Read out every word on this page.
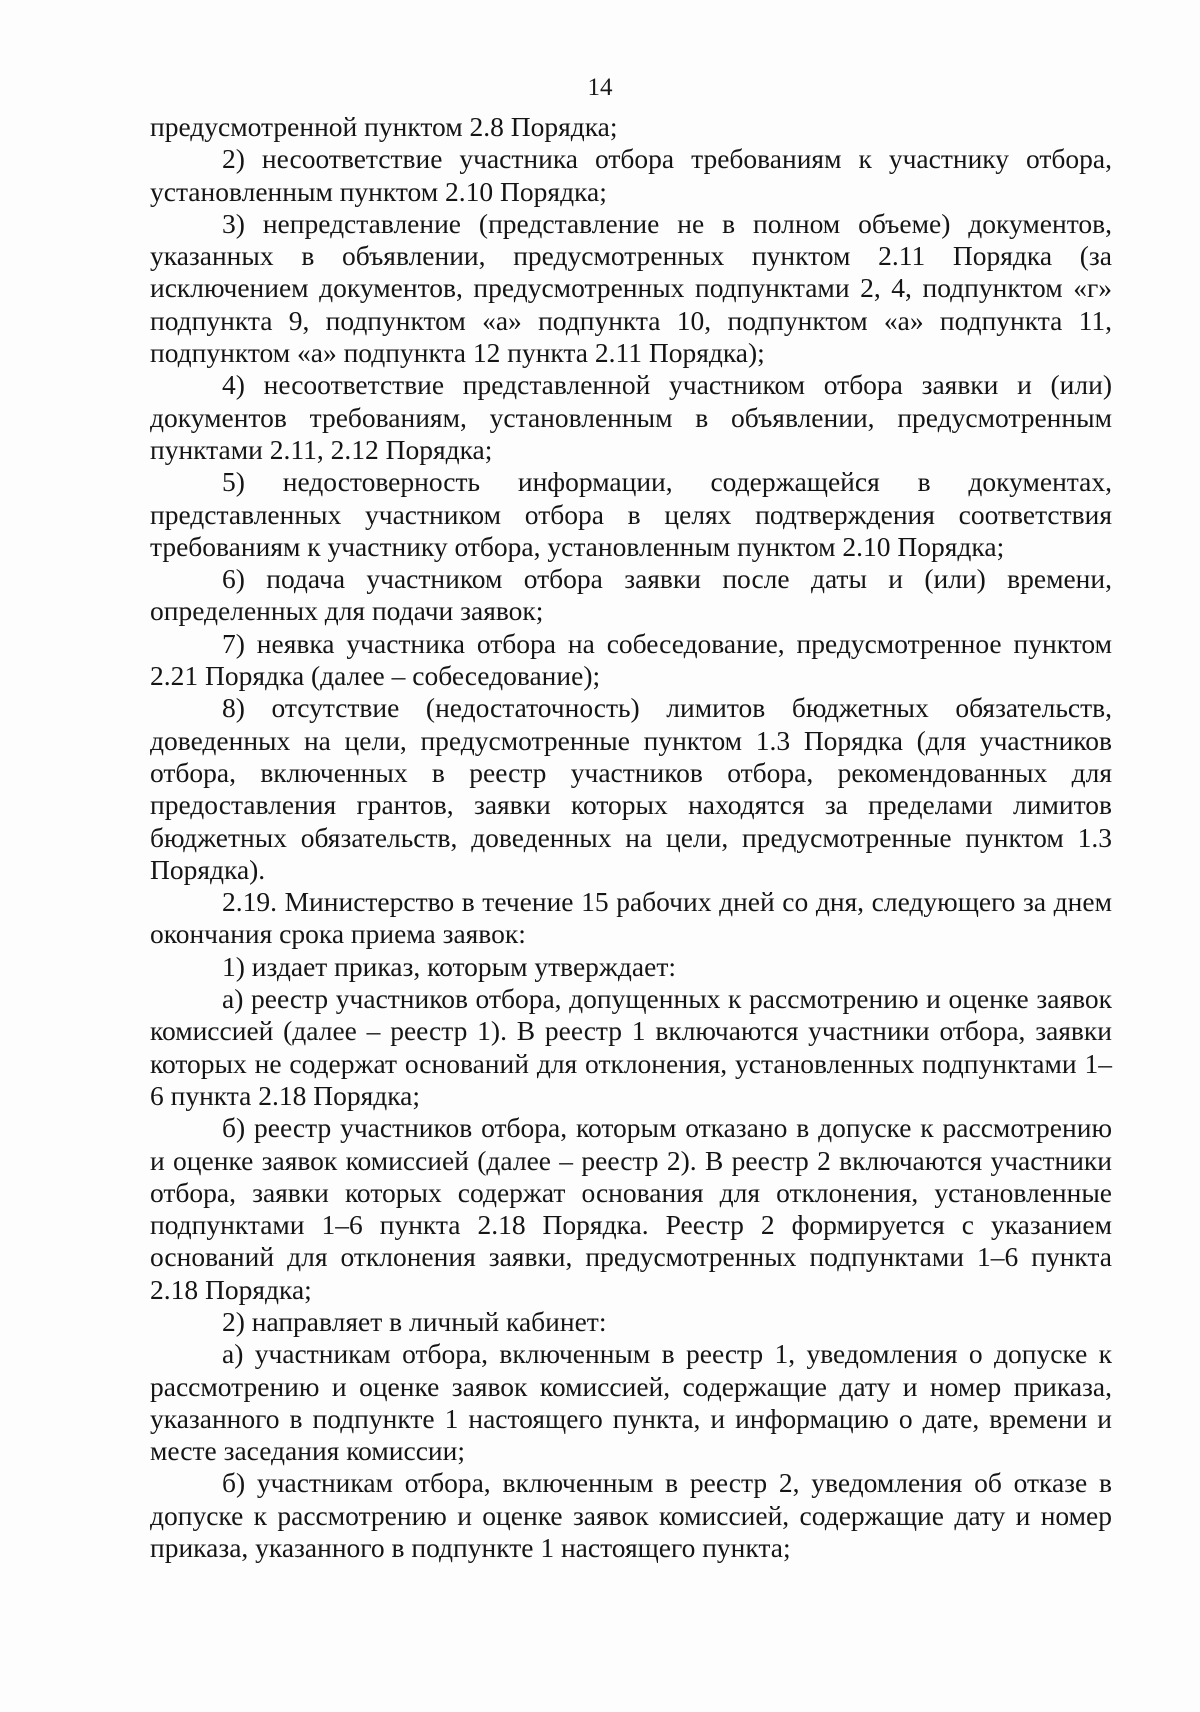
14

предусмотренной пунктом 2.8 Порядка;

2) несоответствие участника отбора требованиям к участнику отбора, установленным пунктом 2.10 Порядка;

3) непредставление (представление не в полном объеме) документов, указанных в объявлении, предусмотренных пунктом 2.11 Порядка (за исключением документов, предусмотренных подпунктами 2, 4, подпунктом «г» подпункта 9, подпунктом «а» подпункта 10, подпунктом «а» подпункта 11, подпунктом «а» подпункта 12 пункта 2.11 Порядка);

4) несоответствие представленной участником отбора заявки и (или) документов требованиям, установленным в объявлении, предусмотренным пунктами 2.11, 2.12 Порядка;

5) недостоверность информации, содержащейся в документах, представленных участником отбора в целях подтверждения соответствия требованиям к участнику отбора, установленным пунктом 2.10 Порядка;

6) подача участником отбора заявки после даты и (или) времени, определенных для подачи заявок;

7) неявка участника отбора на собеседование, предусмотренное пунктом 2.21 Порядка (далее – собеседование);

8) отсутствие (недостаточность) лимитов бюджетных обязательств, доведенных на цели, предусмотренные пунктом 1.3 Порядка (для участников отбора, включенных в реестр участников отбора, рекомендованных для предоставления грантов, заявки которых находятся за пределами лимитов бюджетных обязательств, доведенных на цели, предусмотренные пунктом 1.3 Порядка).

2.19. Министерство в течение 15 рабочих дней со дня, следующего за днем окончания срока приема заявок:

1) издает приказ, которым утверждает:

а) реестр участников отбора, допущенных к рассмотрению и оценке заявок комиссией (далее – реестр 1). В реестр 1 включаются участники отбора, заявки которых не содержат оснований для отклонения, установленных подпунктами 1–6 пункта 2.18 Порядка;

б) реестр участников отбора, которым отказано в допуске к рассмотрению и оценке заявок комиссией (далее – реестр 2). В реестр 2 включаются участники отбора, заявки которых содержат основания для отклонения, установленные подпунктами 1–6 пункта 2.18 Порядка. Реестр 2 формируется с указанием оснований для отклонения заявки, предусмотренных подпунктами 1–6 пункта 2.18 Порядка;

2) направляет в личный кабинет:

а) участникам отбора, включенным в реестр 1, уведомления о допуске к рассмотрению и оценке заявок комиссией, содержащие дату и номер приказа, указанного в подпункте 1 настоящего пункта, и информацию о дате, времени и месте заседания комиссии;

б) участникам отбора, включенным в реестр 2, уведомления об отказе в допуске к рассмотрению и оценке заявок комиссией, содержащие дату и номер приказа, указанного в подпункте 1 настоящего пункта;
